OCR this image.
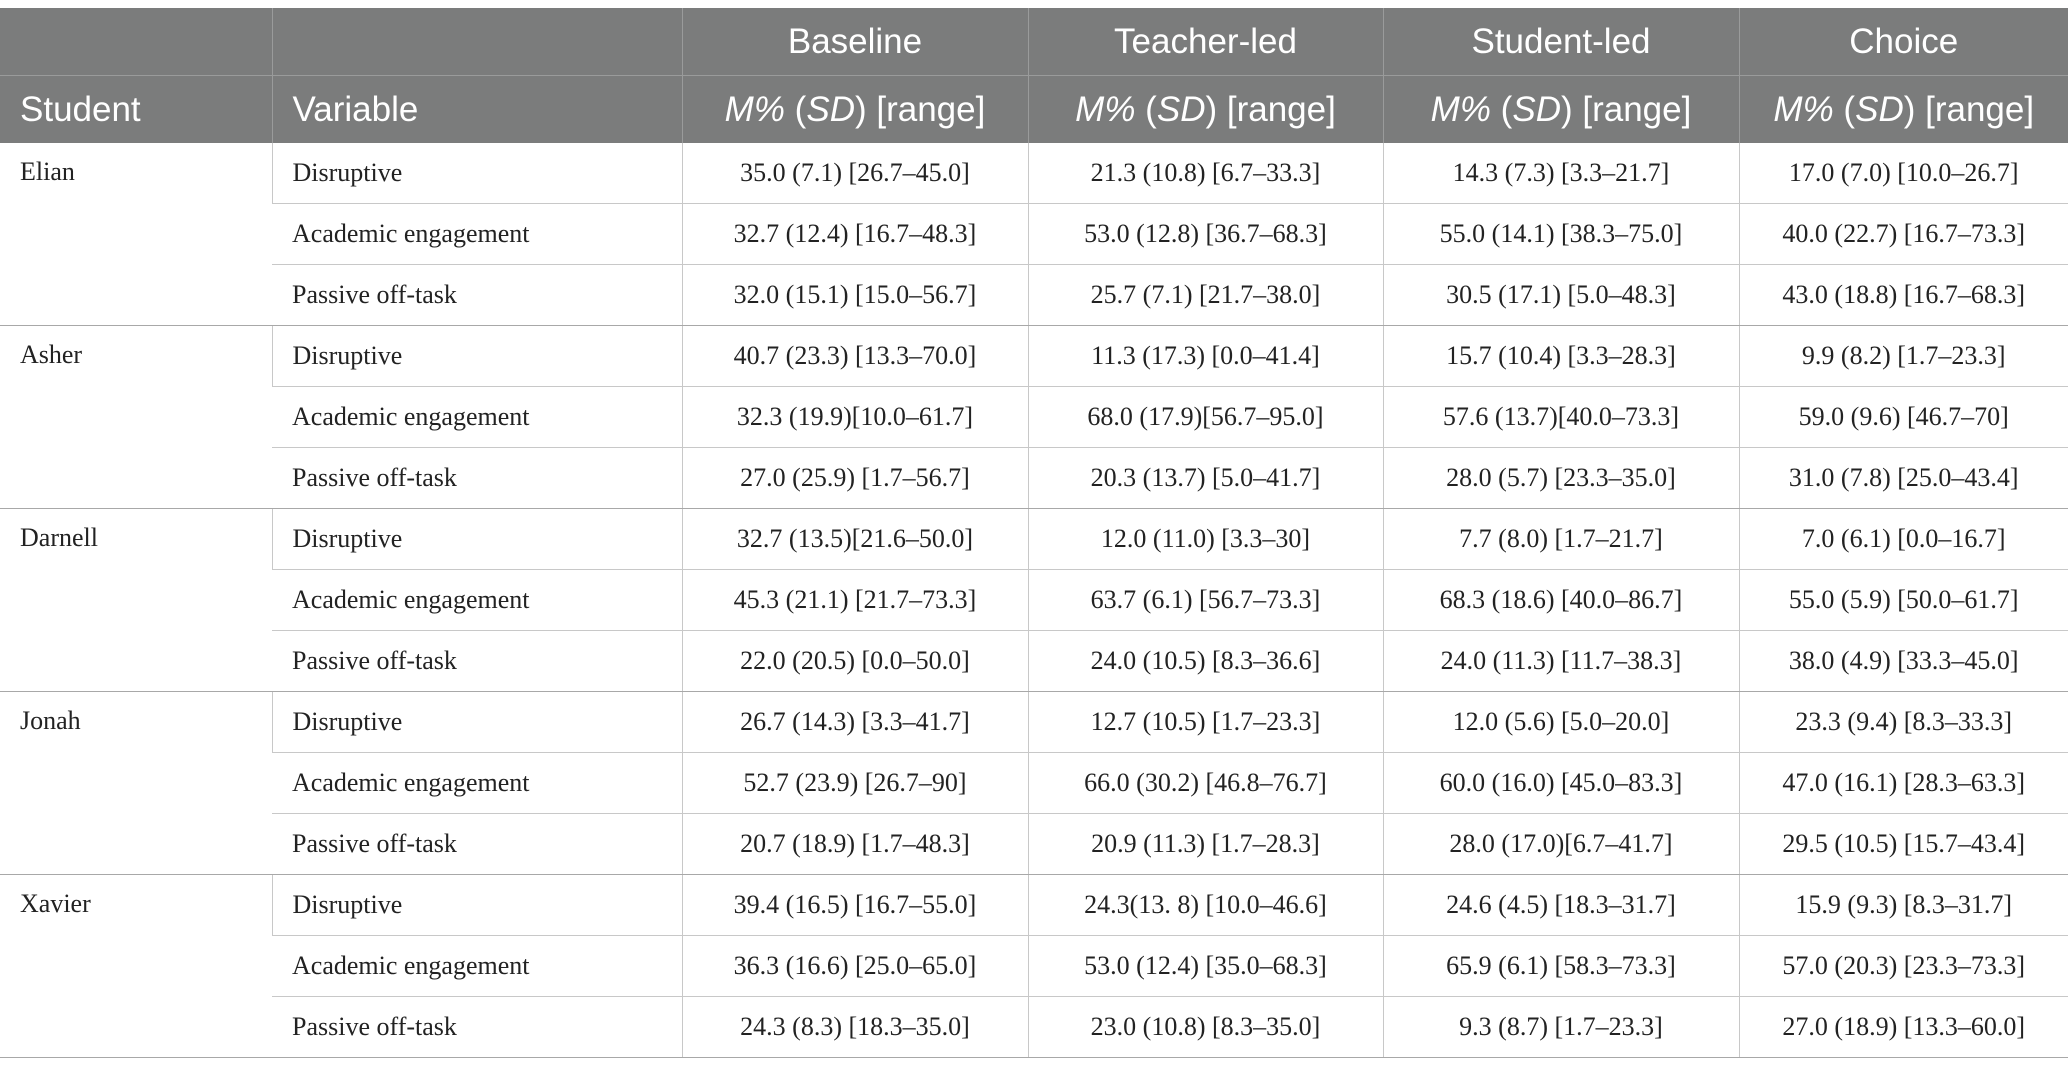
		Baseline	Teacher-led	Student-led	Choice
Student	Variable	M% (SD) [range]	M% (SD) [range]	M% (SD) [range]	M% (SD) [range]
Elian	Disruptive	35.0 (7.1) [26.7–45.0]	21.3 (10.8) [6.7–33.3]	14.3 (7.3) [3.3–21.7]	17.0 (7.0) [10.0–26.7]
	Academic engagement	32.7 (12.4) [16.7–48.3]	53.0 (12.8) [36.7–68.3]	55.0 (14.1) [38.3–75.0]	40.0 (22.7) [16.7–73.3]
	Passive off-task	32.0 (15.1) [15.0–56.7]	25.7 (7.1) [21.7–38.0]	30.5 (17.1) [5.0–48.3]	43.0 (18.8) [16.7–68.3]
Asher	Disruptive	40.7 (23.3) [13.3–70.0]	11.3 (17.3) [0.0–41.4]	15.7 (10.4) [3.3–28.3]	9.9 (8.2) [1.7–23.3]
	Academic engagement	32.3 (19.9)[10.0–61.7]	68.0 (17.9)[56.7–95.0]	57.6 (13.7)[40.0–73.3]	59.0 (9.6) [46.7–70]
	Passive off-task	27.0 (25.9) [1.7–56.7]	20.3 (13.7) [5.0–41.7]	28.0 (5.7) [23.3–35.0]	31.0 (7.8) [25.0–43.4]
Darnell	Disruptive	32.7 (13.5)[21.6–50.0]	12.0 (11.0) [3.3–30]	7.7 (8.0) [1.7–21.7]	7.0 (6.1) [0.0–16.7]
	Academic engagement	45.3 (21.1) [21.7–73.3]	63.7 (6.1) [56.7–73.3]	68.3 (18.6) [40.0–86.7]	55.0 (5.9) [50.0–61.7]
	Passive off-task	22.0 (20.5) [0.0–50.0]	24.0 (10.5) [8.3–36.6]	24.0 (11.3) [11.7–38.3]	38.0 (4.9) [33.3–45.0]
Jonah	Disruptive	26.7 (14.3) [3.3–41.7]	12.7 (10.5) [1.7–23.3]	12.0 (5.6) [5.0–20.0]	23.3 (9.4) [8.3–33.3]
	Academic engagement	52.7 (23.9) [26.7–90]	66.0 (30.2) [46.8–76.7]	60.0 (16.0) [45.0–83.3]	47.0 (16.1) [28.3–63.3]
	Passive off-task	20.7 (18.9) [1.7–48.3]	20.9 (11.3) [1.7–28.3]	28.0 (17.0)[6.7–41.7]	29.5 (10.5) [15.7–43.4]
Xavier	Disruptive	39.4 (16.5) [16.7–55.0]	24.3(13. 8) [10.0–46.6]	24.6 (4.5) [18.3–31.7]	15.9 (9.3) [8.3–31.7]
	Academic engagement	36.3 (16.6) [25.0–65.0]	53.0 (12.4) [35.0–68.3]	65.9 (6.1) [58.3–73.3]	57.0 (20.3) [23.3–73.3]
	Passive off-task	24.3 (8.3) [18.3–35.0]	23.0 (10.8) [8.3–35.0]	9.3 (8.7) [1.7–23.3]	27.0 (18.9) [13.3–60.0]
